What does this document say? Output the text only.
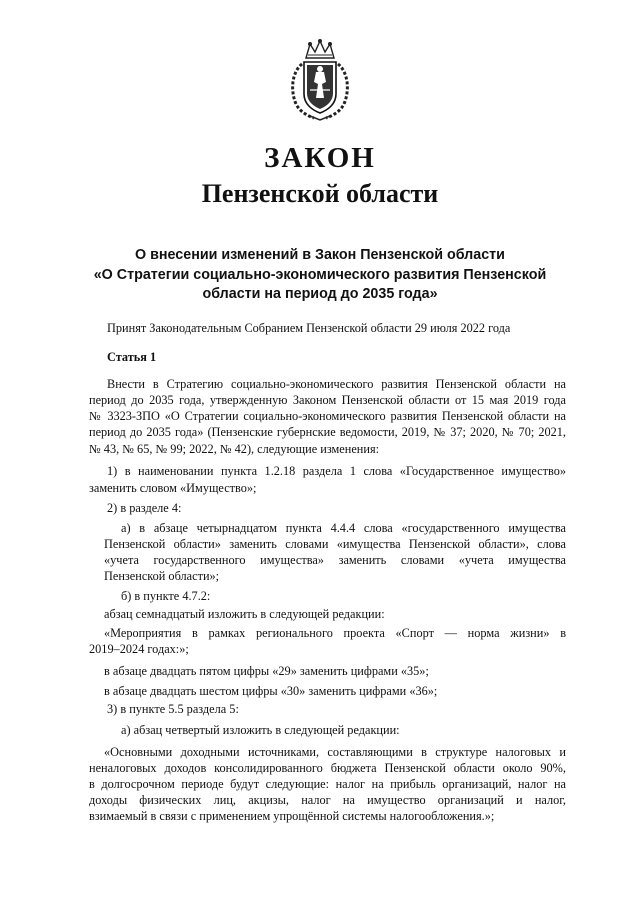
ЗАКОН
Пензенской области
О внесении изменений в Закон Пензенской области
«О Стратегии социально-экономического развития Пензенской
области на период до 2035 года»
Принят Законодательным Собранием Пензенской области 29 июля 2022 года
Статья 1
Внести в Стратегию социально-экономического развития Пензенской области на
период до 2035 года, утвержденную Законом Пензенской области от 15 мая 2019 года
№ 3323-ЗПО «О Стратегии социально-экономического развития Пензенской области на
период до 2035 года» (Пензенские губернские ведомости, 2019, № 37; 2020, № 70; 2021,
№ 43, № 65, № 99; 2022, № 42), следующие изменения:
1) в наименовании пункта 1.2.18 раздела 1 слова «Государственное имущество»
заменить словом «Имущество»;
2) в разделе 4:
а) в абзаце четырнадцатом пункта 4.4.4 слова «государственного имущества
Пензенской области» заменить словами «имущества Пензенской области», слова
«учета государственного имущества» заменить словами «учета имущества
Пензенской области»;
б) в пункте 4.7.2:
абзац семнадцатый изложить в следующей редакции:
«Мероприятия в рамках регионального проекта «Спорт — норма жизни» в
2019–2024 годах:»;
в абзаце двадцать пятом цифры «29» заменить цифрами «35»;
в абзаце двадцать шестом цифры «30» заменить цифрами «36»;
3) в пункте 5.5 раздела 5:
а) абзац четвертый изложить в следующей редакции:
«Основными доходными источниками, составляющими в структуре налоговых и
неналоговых доходов консолидированного бюджета Пензенской области около 90%,
в долгосрочном периоде будут следующие: налог на прибыль организаций, налог на
доходы физических лиц, акцизы, налог на имущество организаций и налог,
взимаемый в связи с применением упрощённой системы налогообложения.»;
